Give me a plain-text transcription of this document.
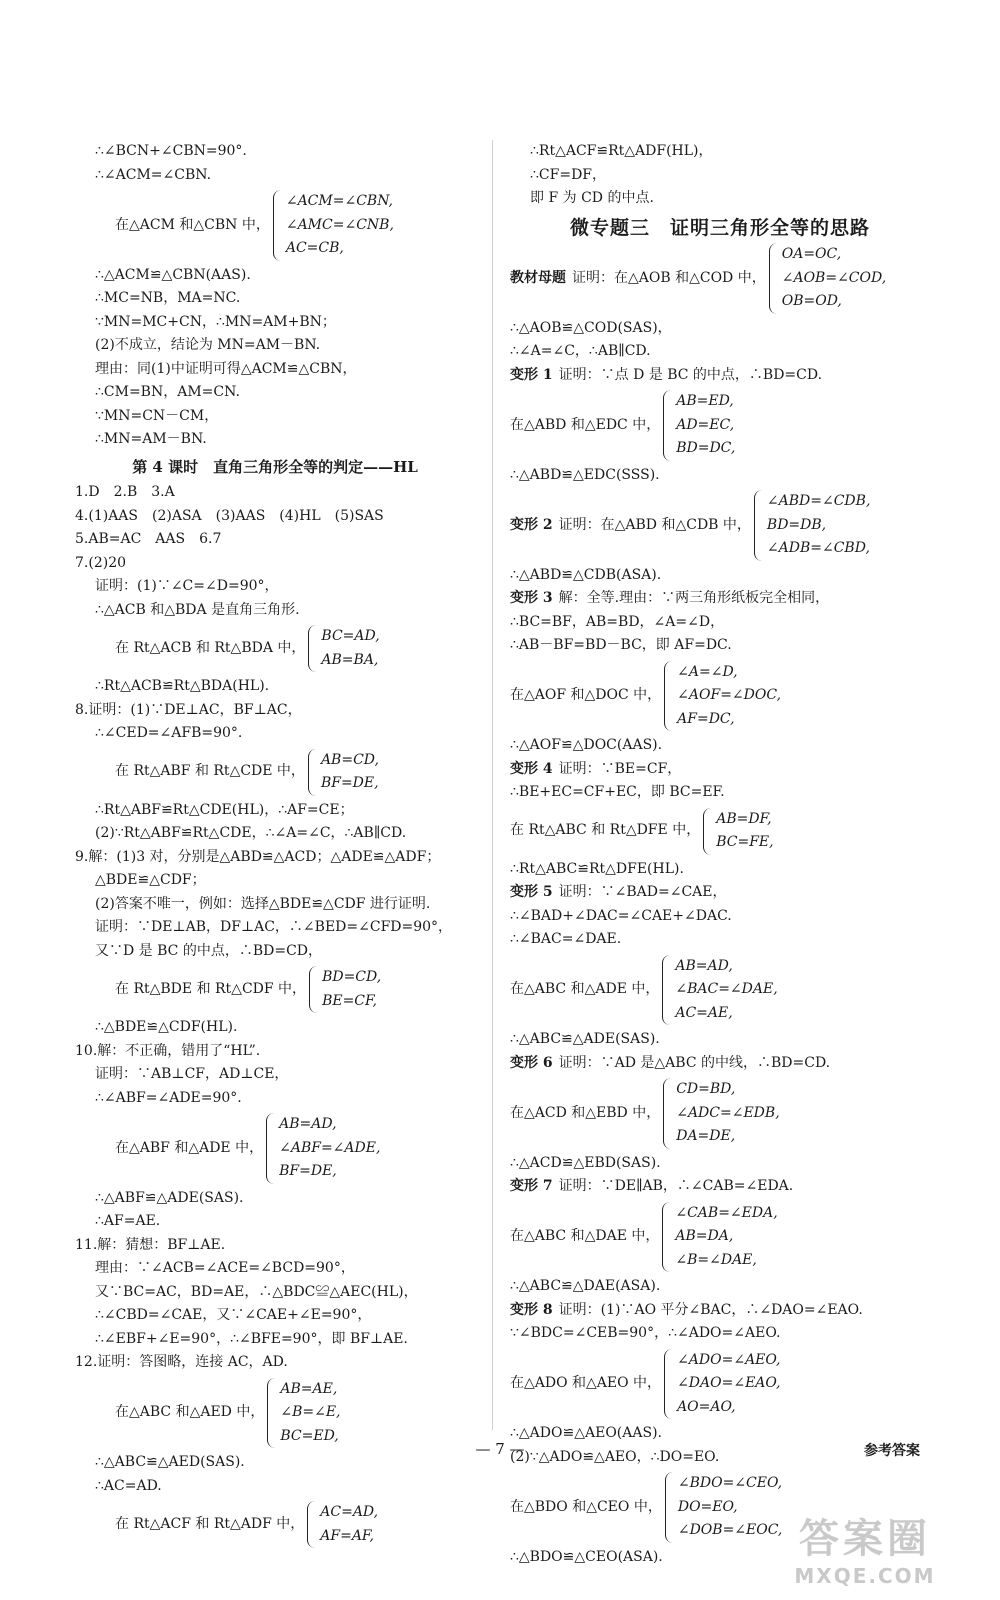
∴∠BCN+∠CBN=90°.
∴∠ACM=∠CBN.
在△ACM 和△CBN 中，
∠ACM=∠CBN,
∠AMC=∠CNB,
AC=CB,
∴△ACM≌△CBN(AAS).
∴MC=NB，MA=NC.
∵MN=MC+CN，∴MN=AM+BN；
(2)不成立，结论为 MN=AM－BN.
理由：同(1)中证明可得△ACM≌△CBN，
∴CM=BN，AM=CN.
∵MN=CN－CM，
∴MN=AM－BN.
第 4 课时　直角三角形全等的判定——HL
1.D　2.B　3.A
4.(1)AAS　(2)ASA　(3)AAS　(4)HL　(5)SAS
5.AB=AC　AAS　6.7
7.(2)20
证明：(1)∵∠C=∠D=90°，
∴△ACB 和△BDA 是直角三角形.
在 Rt△ACB 和 Rt△BDA 中，
BC=AD,
AB=BA,
∴Rt△ACB≌Rt△BDA(HL).
8.证明：(1)∵DE⊥AC，BF⊥AC，
∴∠CED=∠AFB=90°.
在 Rt△ABF 和 Rt△CDE 中，
AB=CD,
BF=DE,
∴Rt△ABF≌Rt△CDE(HL)，∴AF=CE；
(2)∵Rt△ABF≌Rt△CDE，∴∠A=∠C，∴AB∥CD.
9.解：(1)3 对，分别是△ABD≌△ACD；△ADE≌△ADF；
△BDE≌△CDF；
(2)答案不唯一，例如：选择△BDE≌△CDF 进行证明.
证明：∵DE⊥AB，DF⊥AC，∴∠BED=∠CFD=90°，
又∵D 是 BC 的中点，∴BD=CD，
在 Rt△BDE 和 Rt△CDF 中，
BD=CD,
BE=CF,
∴△BDE≌△CDF(HL).
10.解：不正确，错用了“HL”.
证明：∵AB⊥CF，AD⊥CE，
∴∠ABF=∠ADE=90°.
在△ABF 和△ADE 中，
AB=AD,
∠ABF=∠ADE,
BF=DE,
∴△ABF≌△ADE(SAS).
∴AF=AE.
11.解：猜想：BF⊥AE.
理由：∵∠ACB=∠ACE=∠BCD=90°，
又∵BC=AC，BD=AE，∴△BDC≌△AEC(HL)，
∴∠CBD=∠CAE，又∵∠CAE+∠E=90°，
∴∠EBF+∠E=90°，∴∠BFE=90°，即 BF⊥AE.
12.证明：答图略，连接 AC，AD.
在△ABC 和△AED 中，
AB=AE,
∠B=∠E,
BC=ED,
∴△ABC≌△AED(SAS).
∴AC=AD.
在 Rt△ACF 和 Rt△ADF 中，
AC=AD,
AF=AF,
∴Rt△ACF≌Rt△ADF(HL)，
∴CF=DF，
即 F 为 CD 的中点.
微专题三　证明三角形全等的思路
教材母题 证明：在△AOB 和△COD 中，
OA=OC,
∠AOB=∠COD,
OB=OD,
∴△AOB≌△COD(SAS)，
∴∠A=∠C，∴AB∥CD.
变形 1 证明：∵点 D 是 BC 的中点，∴BD=CD.
在△ABD 和△EDC 中，
AB=ED,
AD=EC,
BD=DC,
∴△ABD≌△EDC(SSS).
变形 2 证明：在△ABD 和△CDB 中，
∠ABD=∠CDB,
BD=DB,
∠ADB=∠CBD,
∴△ABD≌△CDB(ASA).
变形 3 解：全等.理由：∵两三角形纸板完全相同，
∴BC=BF，AB=BD，∠A=∠D，
∴AB－BF=BD－BC，即 AF=DC.
在△AOF 和△DOC 中，
∠A=∠D,
∠AOF=∠DOC,
AF=DC,
∴△AOF≌△DOC(AAS).
变形 4 证明：∵BE=CF，
∴BE+EC=CF+EC，即 BC=EF.
在 Rt△ABC 和 Rt△DFE 中，
AB=DF,
BC=FE,
∴Rt△ABC≌Rt△DFE(HL).
变形 5 证明：∵∠BAD=∠CAE，
∴∠BAD+∠DAC=∠CAE+∠DAC.
∴∠BAC=∠DAE.
在△ABC 和△ADE 中，
AB=AD,
∠BAC=∠DAE,
AC=AE,
∴△ABC≌△ADE(SAS).
变形 6 证明：∵AD 是△ABC 的中线，∴BD=CD.
在△ACD 和△EBD 中，
CD=BD,
∠ADC=∠EDB,
DA=DE,
∴△ACD≌△EBD(SAS).
变形 7 证明：∵DE∥AB，∴∠CAB=∠EDA.
在△ABC 和△DAE 中，
∠CAB=∠EDA,
AB=DA,
∠B=∠DAE,
∴△ABC≌△DAE(ASA).
变形 8 证明：(1)∵AO 平分∠BAC，∴∠DAO=∠EAO.
∵∠BDC=∠CEB=90°，∴∠ADO=∠AEO.
在△ADO 和△AEO 中，
∠ADO=∠AEO,
∠DAO=∠EAO,
AO=AO,
∴△ADO≌△AEO(AAS).
(2)∵△ADO≌△AEO，∴DO=EO.
在△BDO 和△CEO 中，
∠BDO=∠CEO,
DO=EO,
∠DOB=∠EOC,
∴△BDO≌△CEO(ASA).
— 7 —	参考答案
答案圈
MXQE.COM
